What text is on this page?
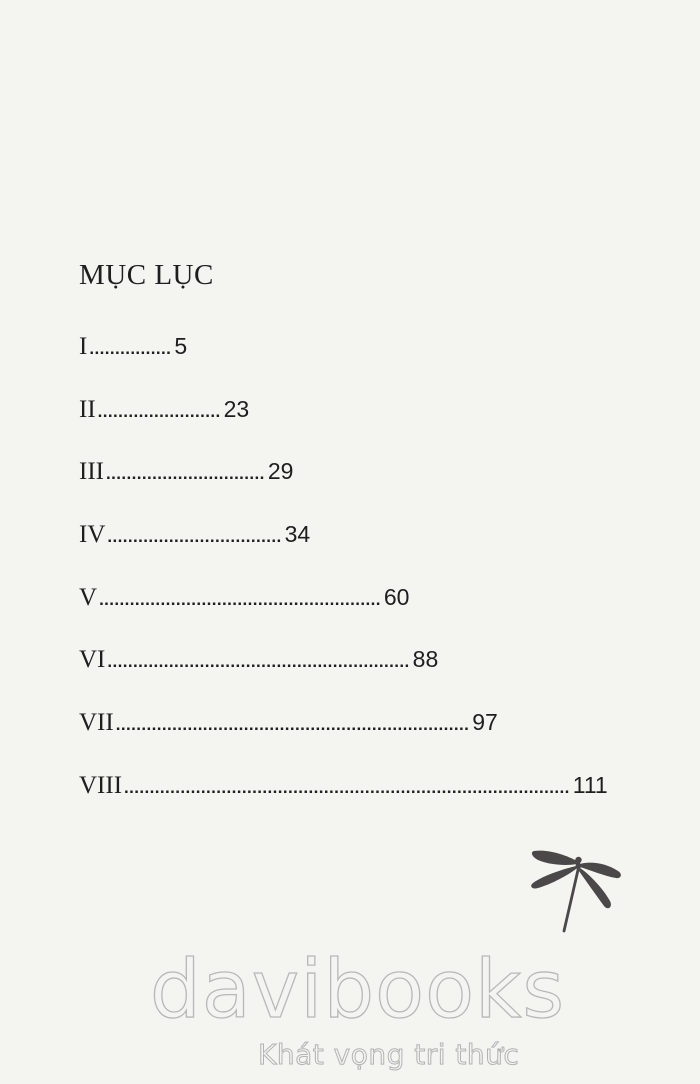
MỤC LỤC
I ................ 5
II ........................ 23
III ............................... 29
IV .................................. 34
V ....................................................... 60
VI ........................................................... 88
VII ..................................................................... 97
VIII ....................................................................................... 111
davibooks
Khát vọng tri thức
